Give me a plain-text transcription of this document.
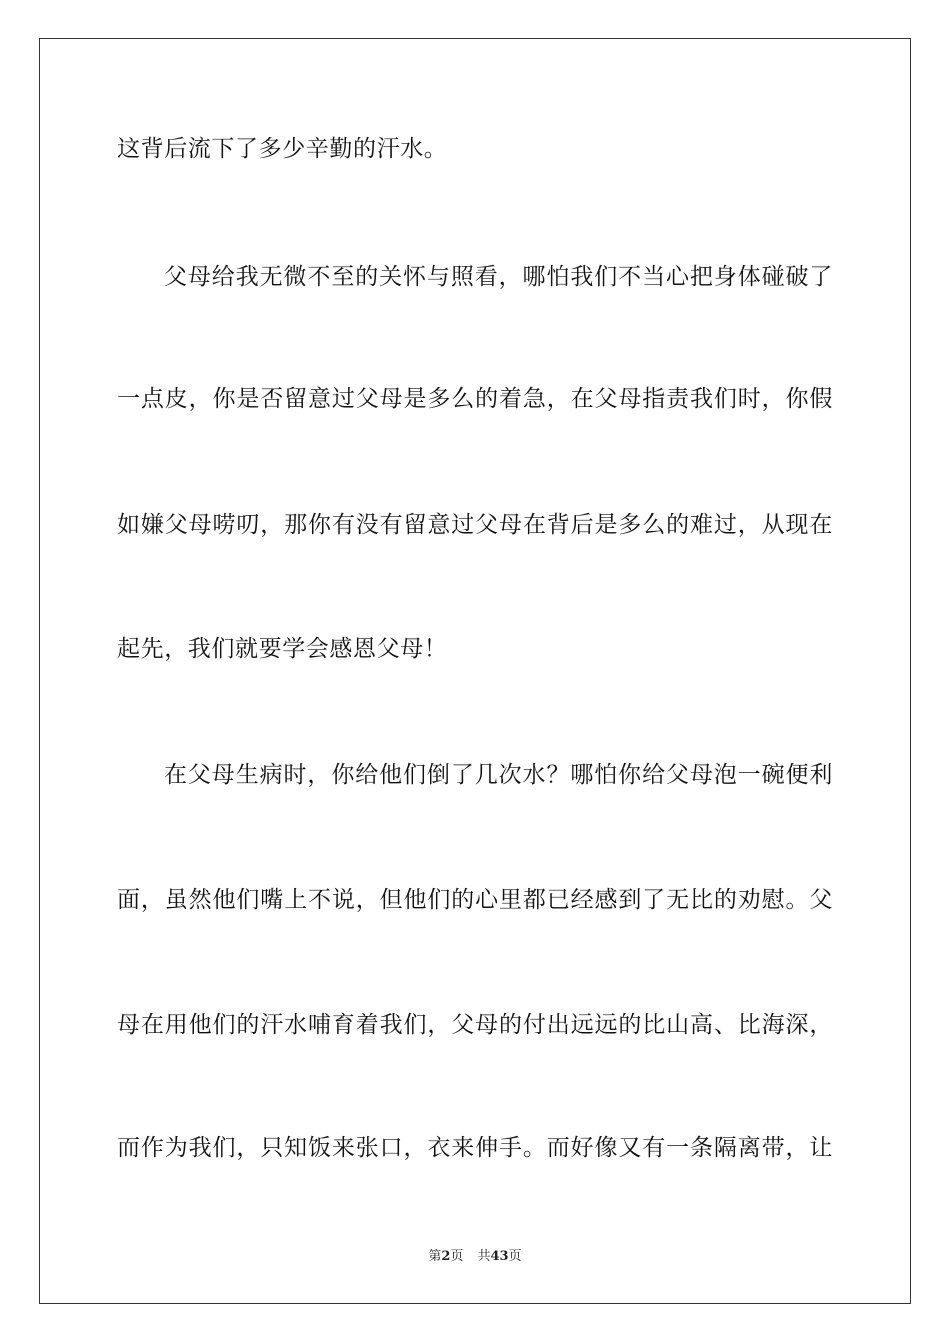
这背后流下了多少辛勤的汗水。
父母给我无微不至的关怀与照看，哪怕我们不当心把身体碰破了
一点皮，你是否留意过父母是多么的着急，在父母指责我们时，你假
如嫌父母唠叨，那你有没有留意过父母在背后是多么的难过，从现在
起先，我们就要学会感恩父母！
在父母生病时，你给他们倒了几次水？哪怕你给父母泡一碗便利
面，虽然他们嘴上不说，但他们的心里都已经感到了无比的劝慰。父
母在用他们的汗水哺育着我们，父母的付出远远的比山高、比海深，
而作为我们，只知饭来张口，衣来伸手。而好像又有一条隔离带，让
第2页 共43页
